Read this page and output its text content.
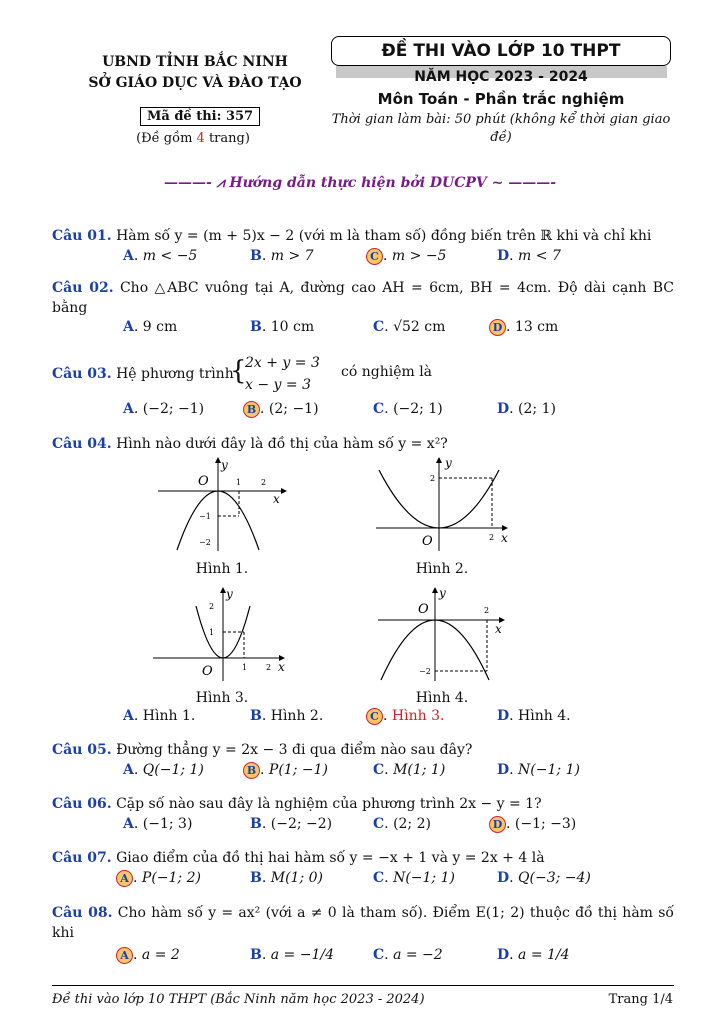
UBND TỈNH BẮC NINH
SỞ GIÁO DỤC VÀ ĐÀO TẠO
Mã đề thi: 357
(Đề gồm 4 trang)
ĐỀ THI VÀO LỚP 10 THPT
NĂM HỌC 2023 - 2024
Môn Toán - Phần trắc nghiệm
Thời gian làm bài: 50 phút (không kể thời gian giao đề)
———- ⩘ Hướng dẫn thực hiện bởi DUCPV ~ ———-
Câu 01. Hàm số y = (m + 5)x − 2 (với m là tham số) đồng biến trên ℝ khi và chỉ khi
A. m < −5	B. m > 7	C . m > −5	D. m < 7
Câu 02. Cho △ABC vuông tại A, đường cao AH = 6cm, BH = 4cm. Độ dài cạnh BC bằng
A. 9 cm	B. 10 cm	C. √52 cm	D . 13 cm
Câu 03. Hệ phương trình
{
2x + y = 3
x − y = 3
có nghiệm là
A. (−2; −1)	B . (2; −1)	C. (−2; 1)	D. (2; 1)
Câu 04. Hình nào dưới đây là đồ thị của hàm số y = x²?
O
y
x
1 2
−1
−2
Hình 1.
O
y
x
2
2
Hình 2.
O
y
x
2
1
1 2
Hình 3.
O
y
x
2
−2
Hình 4.
A. Hình 1.	B. Hình 2.	C . Hình 3.	D. Hình 4.
Câu 05. Đường thẳng y = 2x − 3 đi qua điểm nào sau đây?
A. Q(−1; 1)	B . P(1; −1)	C. M(1; 1)	D. N(−1; 1)
Câu 06. Cặp số nào sau đây là nghiệm của phương trình 2x − y = 1?
A. (−1; 3)	B. (−2; −2)	C. (2; 2)	D . (−1; −3)
Câu 07. Giao điểm của đồ thị hai hàm số y = −x + 1 và y = 2x + 4 là
A . P(−1; 2)	B. M(1; 0)	C. N(−1; 1)	D. Q(−3; −4)
Câu 08. Cho hàm số y = ax² (với a ≠ 0 là tham số). Điểm E(1; 2) thuộc đồ thị hàm số khi
A . a = 2	B. a = −1/4	C. a = −2	D. a = 1/4
Đề thi vào lớp 10 THPT (Bắc Ninh năm học 2023 - 2024)	Trang 1/4
